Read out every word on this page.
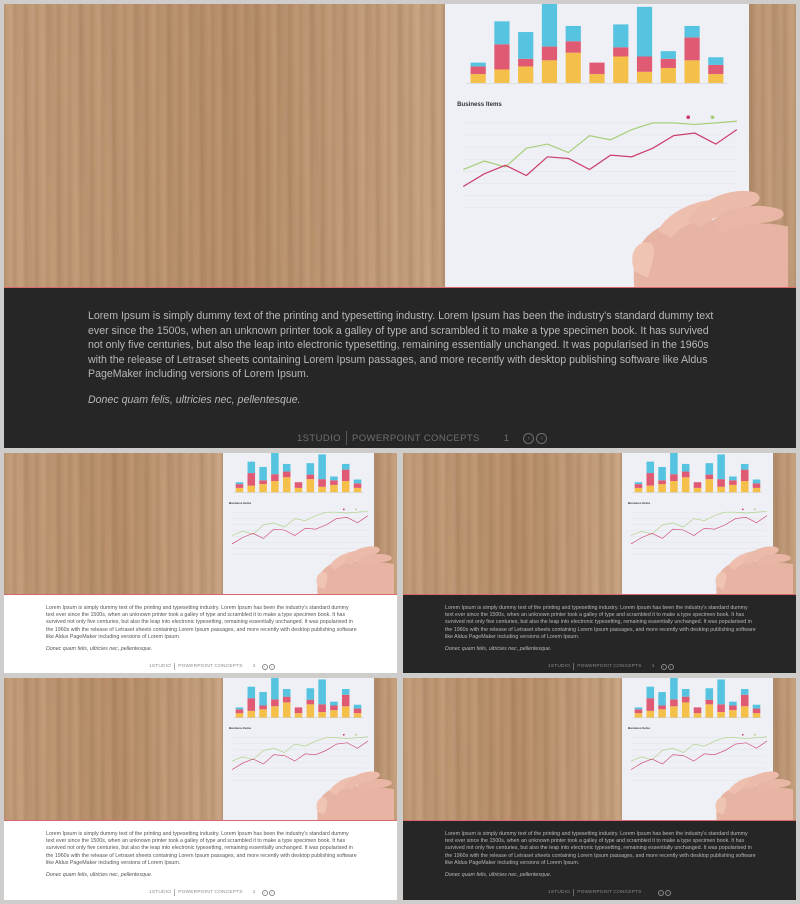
Business Items

Lorem Ipsum is simply dummy text of the printing and typesetting industry. Lorem Ipsum has been the industry's standard dummy text ever since the 1500s, when an unknown printer took a galley of type and scrambled it to make a type specimen book. It has survived not only five centuries, but also the leap into electronic typesetting, remaining essentially unchanged. It was popularised in the 1960s with the release of Letraset sheets containing Lorem Ipsum passages, and more recently with desktop publishing software like Aldus PageMaker including versions of Lorem Ipsum.

Donec quam felis, ultricies nec, pellentesque.

1STUDIO POWERPOINT CONCEPTS	1	‹ ›
Business Items

Lorem Ipsum is simply dummy text of the printing and typesetting industry. Lorem Ipsum has been the industry's standard dummy text ever since the 1500s, when an unknown printer took a galley of type and scrambled it to make a type specimen book. It has survived not only five centuries, but also the leap into electronic typesetting, remaining essentially unchanged. It was popularised in the 1960s with the release of Letraset sheets containing Lorem Ipsum passages, and more recently with desktop publishing software like Aldus PageMaker including versions of Lorem Ipsum.

Donec quam felis, ultricies nec, pellentesque.

1STUDIO POWERPOINT CONCEPTS 2 ‹ ›
Business Items

Lorem Ipsum is simply dummy text of the printing and typesetting industry. Lorem Ipsum has been the industry's standard dummy text ever since the 1500s, when an unknown printer took a galley of type and scrambled it to make a type specimen book. It has survived not only five centuries, but also the leap into electronic typesetting, remaining essentially unchanged. It was popularised in the 1960s with the release of Letraset sheets containing Lorem Ipsum passages, and more recently with desktop publishing software like Aldus PageMaker including versions of Lorem Ipsum.

Donec quam felis, ultricies nec, pellentesque.

1STUDIO POWERPOINT CONCEPTS 1 ‹ ›
Business Items

Lorem Ipsum is simply dummy text of the printing and typesetting industry. Lorem Ipsum has been the industry's standard dummy text ever since the 1500s, when an unknown printer took a galley of type and scrambled it to make a type specimen book. It has survived not only five centuries, but also the leap into electronic typesetting, remaining essentially unchanged. It was popularised in the 1960s with the release of Letraset sheets containing Lorem Ipsum passages, and more recently with desktop publishing software like Aldus PageMaker including versions of Lorem Ipsum.

Donec quam felis, ultricies nec, pellentesque.

1STUDIO POWERPOINT CONCEPTS 2 ‹ ›
Business Items

Lorem Ipsum is simply dummy text of the printing and typesetting industry. Lorem Ipsum has been the industry's standard dummy text ever since the 1500s, when an unknown printer took a galley of type and scrambled it to make a type specimen book. It has survived not only five centuries, but also the leap into electronic typesetting, remaining essentially unchanged. It was popularised in the 1960s with the release of Letraset sheets containing Lorem Ipsum passages, and more recently with desktop publishing software like Aldus PageMaker including versions of Lorem Ipsum.

Donec quam felis, ultricies nec, pellentesque.

1STUDIO POWERPOINT CONCEPTS	‹ ›
